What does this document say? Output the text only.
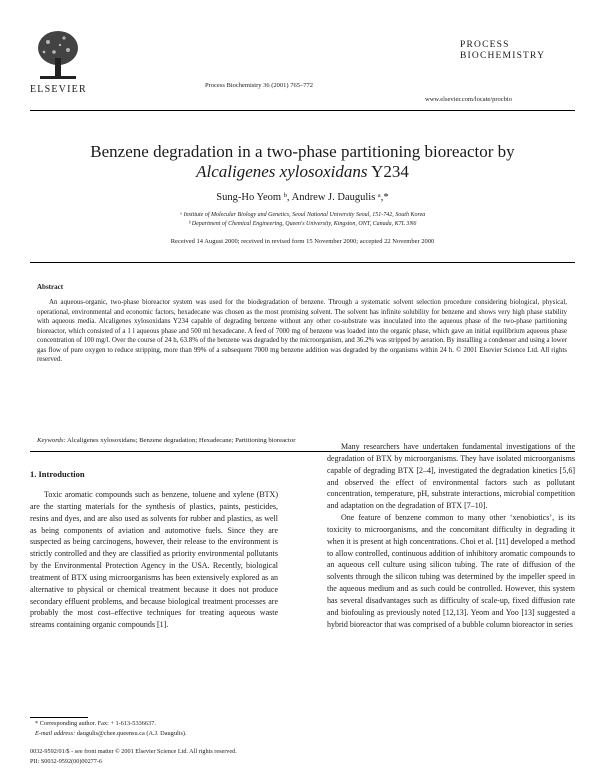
ELSEVIER	Process Biochemistry 36 (2001) 765–772
PROCESS
BIOCHEMISTRY
www.elsevier.com/locate/procbio
Benzene degradation in a two-phase partitioning bioreactor by
Alcaligenes xylosoxidans Y234
Sung-Ho Yeom ᵇ, Andrew J. Daugulis ᵃ,*
ᵃ Institute of Molecular Biology and Genetics, Seoul National University Seoul, 151-742, South Korea
ᵇ Department of Chemical Engineering, Queen's University, Kingston, ONT, Canada, K7L 3N6
Received 14 August 2000; received in revised form 15 November 2000; accepted 22 November 2000
Abstract
An aqueous-organic, two-phase bioreactor system was used for the biodegradation of benzene. Through a systematic solvent selection procedure considering biological, physical, operational, environmental and economic factors, hexadecane was chosen as the most promising solvent. The solvent has infinite solubility for benzene and shows very high phase stability with aqueous media. Alcaligenes xylosoxidans Y234 capable of degrading benzene without any other co-substrate was inoculated into the aqueous phase of the two-phase partitioning bioreactor, which consisted of a 1 l aqueous phase and 500 ml hexadecane. A feed of 7000 mg of benzene was loaded into the organic phase, which gave an initial equilibrium aqueous phase concentration of 100 mg/l. Over the course of 24 h, 63.8% of the benzene was degraded by the microorganism, and 36.2% was stripped by aeration. By installing a condenser and using a lower gas flow of pure oxygen to reduce stripping, more than 99% of a subsequent 7000 mg benzene addition was degraded by the organisms within 24 h. © 2001 Elsevier Science Ltd. All rights reserved.
Keywords: Alcaligenes xylosoxidans; Benzene degradation; Hexadecane; Partitioning bioreactor
1. Introduction

Toxic aromatic compounds such as benzene, toluene and xylene (BTX) are the starting materials for the synthesis of plastics, paints, pesticides, resins and dyes, and are also used as solvents for rubber and plastics, as well as being components of aviation and automotive fuels. Since they are suspected as being carcinogens, however, their release to the environment is strictly controlled and they are classified as priority environmental pollutants by the Environmental Protection Agency in the USA. Recently, biological treatment of BTX using microorganisms has been extensively explored as an alternative to physical or chemical treatment because it does not produce secondary effluent problems, and because biological treatment processes are probably the most cost–effective techniques for treating aqueous waste streams containing organic compounds [1].

Many researchers have undertaken fundamental investigations of the degradation of BTX by microorganisms. They have isolated microorganisms capable of degrading BTX [2–4], investigated the degradation kinetics [5,6] and observed the effect of environmental factors such as pollutant concentration, temperature, pH, substrate interactions, microbial competition and adaptation on the degradation of BTX [7–10].

One feature of benzene common to many other ‘xenobiotics’, is its toxicity to microorganisms, and the concomitant difficulty in degrading it when it is present at high concentrations. Choi et al. [11] developed a method to allow controlled, continuous addition of inhibitory aromatic compounds to an aqueous cell culture using silicon tubing. The rate of diffusion of the solvents through the silicon tubing was determined by the impeller speed in the aqueous medium and as such could be controlled. However, this system has several disadvantages such as difficulty of scale-up, fixed diffusion rate and biofouling as previously noted [12,13]. Yeom and Yoo [13] suggested a hybrid bioreactor that was comprised of a bubble column bioreactor in series

* Corresponding author. Fax: + 1-613-5336637.
E-mail address: daugulis@chee.queensu.ca (A.J. Daugulis).
0032-9592/01/$ - see front matter © 2001 Elsevier Science Ltd. All rights reserved.
PII: S0032-9592(00)00277-6
